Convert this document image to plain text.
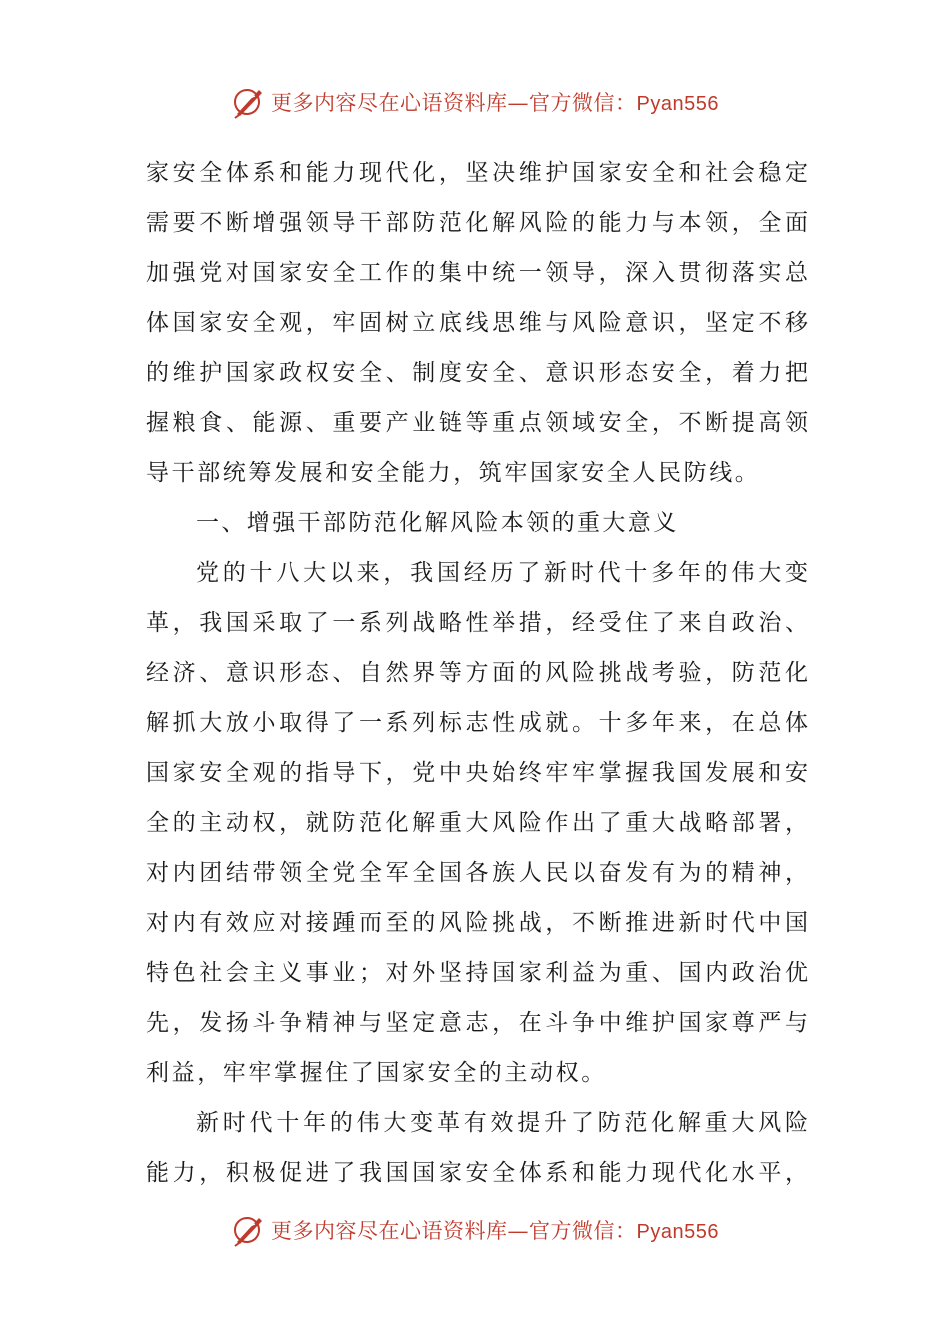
更多内容尽在心语资料库—官方微信：Pyan556
家安全体系和能力现代化，坚决维护国家安全和社会稳定
需要不断增强领导干部防范化解风险的能力与本领，全面
加强党对国家安全工作的集中统一领导，深入贯彻落实总
体国家安全观，牢固树立底线思维与风险意识，坚定不移
的维护国家政权安全、制度安全、意识形态安全，着力把
握粮食、能源、重要产业链等重点领域安全，不断提高领
导干部统筹发展和安全能力，筑牢国家安全人民防线。
一、增强干部防范化解风险本领的重大意义
党的十八大以来，我国经历了新时代十多年的伟大变
革，我国采取了一系列战略性举措，经受住了来自政治、
经济、意识形态、自然界等方面的风险挑战考验，防范化
解抓大放小取得了一系列标志性成就。十多年来，在总体
国家安全观的指导下，党中央始终牢牢掌握我国发展和安
全的主动权，就防范化解重大风险作出了重大战略部署，
对内团结带领全党全军全国各族人民以奋发有为的精神，
对内有效应对接踵而至的风险挑战，不断推进新时代中国
特色社会主义事业；对外坚持国家利益为重、国内政治优
先，发扬斗争精神与坚定意志，在斗争中维护国家尊严与
利益，牢牢掌握住了国家安全的主动权。
新时代十年的伟大变革有效提升了防范化解重大风险
能力，积极促进了我国国家安全体系和能力现代化水平，
更多内容尽在心语资料库—官方微信：Pyan556
